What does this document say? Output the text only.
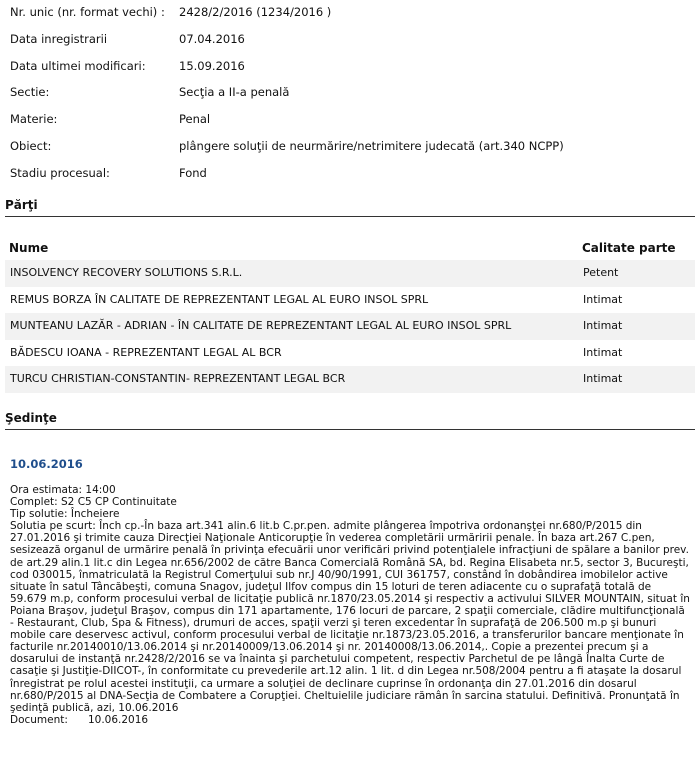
Nr. unic (nr. format vechi) : 2428/2/2016 (1234/2016 )
Data inregistrarii	07.04.2016
Data ultimei modificari:	15.09.2016
Sectie:	Secţia a II-a penală
Materie:	Penal
Obiect:	plângere soluţii de neurmărire/netrimitere judecată (art.340 NCPP)
Stadiu procesual:	Fond
Părţi
Nume	Calitate parte
INSOLVENCY RECOVERY SOLUTIONS S.R.L.	Petent
REMUS BORZA ÎN CALITATE DE REPREZENTANT LEGAL AL EURO INSOL SPRL	Intimat
MUNTEANU LAZĂR - ADRIAN - ÎN CALITATE DE REPREZENTANT LEGAL AL EURO INSOL SPRL	Intimat
BĂDESCU IOANA - REPREZENTANT LEGAL AL BCR	Intimat
TURCU CHRISTIAN-CONSTANTIN- REPREZENTANT LEGAL BCR	Intimat
Şedinţe
10.06.2016
Ora estimata: 14:00
Complet: S2 C5 CP Continuitate
Tip solutie: Încheiere
Solutia pe scurt: Înch cp.-În baza art.341 alin.6 lit.b C.pr.pen. admite plângerea împotriva ordonanşţei nr.680/P/2015 din 27.01.2016 şi trimite cauza Direcţiei Naţionale Anticorupţie în vederea completării urmăririi penale. În baza art.267 C.pen, sesizează organul de urmărire penală în privinţa efecuării unor verificări privind potenţialele infracţiuni de spălare a banilor prev. de art.29 alin.1 lit.c din Legea nr.656/2002 de către Banca Comercială Română SA, bd. Regina Elisabeta nr.5, sector 3, Bucureşti, cod 030015, înmatriculată la Registrul Comerţului sub nr.J 40/90/1991, CUI 361757, constând în dobândirea imobilelor active situate în satul Tâncăbeşti, comuna Snagov, judeţul Ilfov compus din 15 loturi de teren adiacente cu o suprafaţă totală de 59.679 m.p, conform procesului verbal de licitaţie publică nr.1870/23.05.2014 şi respectiv a activului SILVER MOUNTAIN, situat în Poiana Braşov, judeţul Braşov, compus din 171 apartamente, 176 locuri de parcare, 2 spaţii comerciale, clădire multifuncţională - Restaurant, Club, Spa & Fitness), drumuri de acces, spaţii verzi şi teren excedentar în suprafaţă de 206.500 m.p şi bunuri mobile care deservesc activul, conform procesului verbal de licitaţie nr.1873/23.05.2016, a transferurilor bancare menţionate în facturile nr.20140010/13.06.2014 şi nr.20140009/13.06.2014 şi nr. 20140008/13.06.2014,. Copie a prezentei precum şi a dosarului de instanţă nr.2428/2/2016 se va înainta şi parchetului competent, respectiv Parchetul de pe lângă Înalta Curte de casaţie şi Justiţie-DIICOT-, în conformitate cu prevederile art.12 alin. 1 lit. d din Legea nr.508/2004 pentru a fi ataşate la dosarul înregistrat pe rolul acestei instituţii, ca urmare a soluţiei de declinare cuprinse în ordonanţa din 27.01.2016 din dosarul nr.680/P/2015 al DNA-Secţia de Combatere a Corupţiei. Cheltuielile judiciare rămân în sarcina statului. Definitivă. Pronunţată în şedinţă publică, azi, 10.06.2016
Document:      10.06.2016
